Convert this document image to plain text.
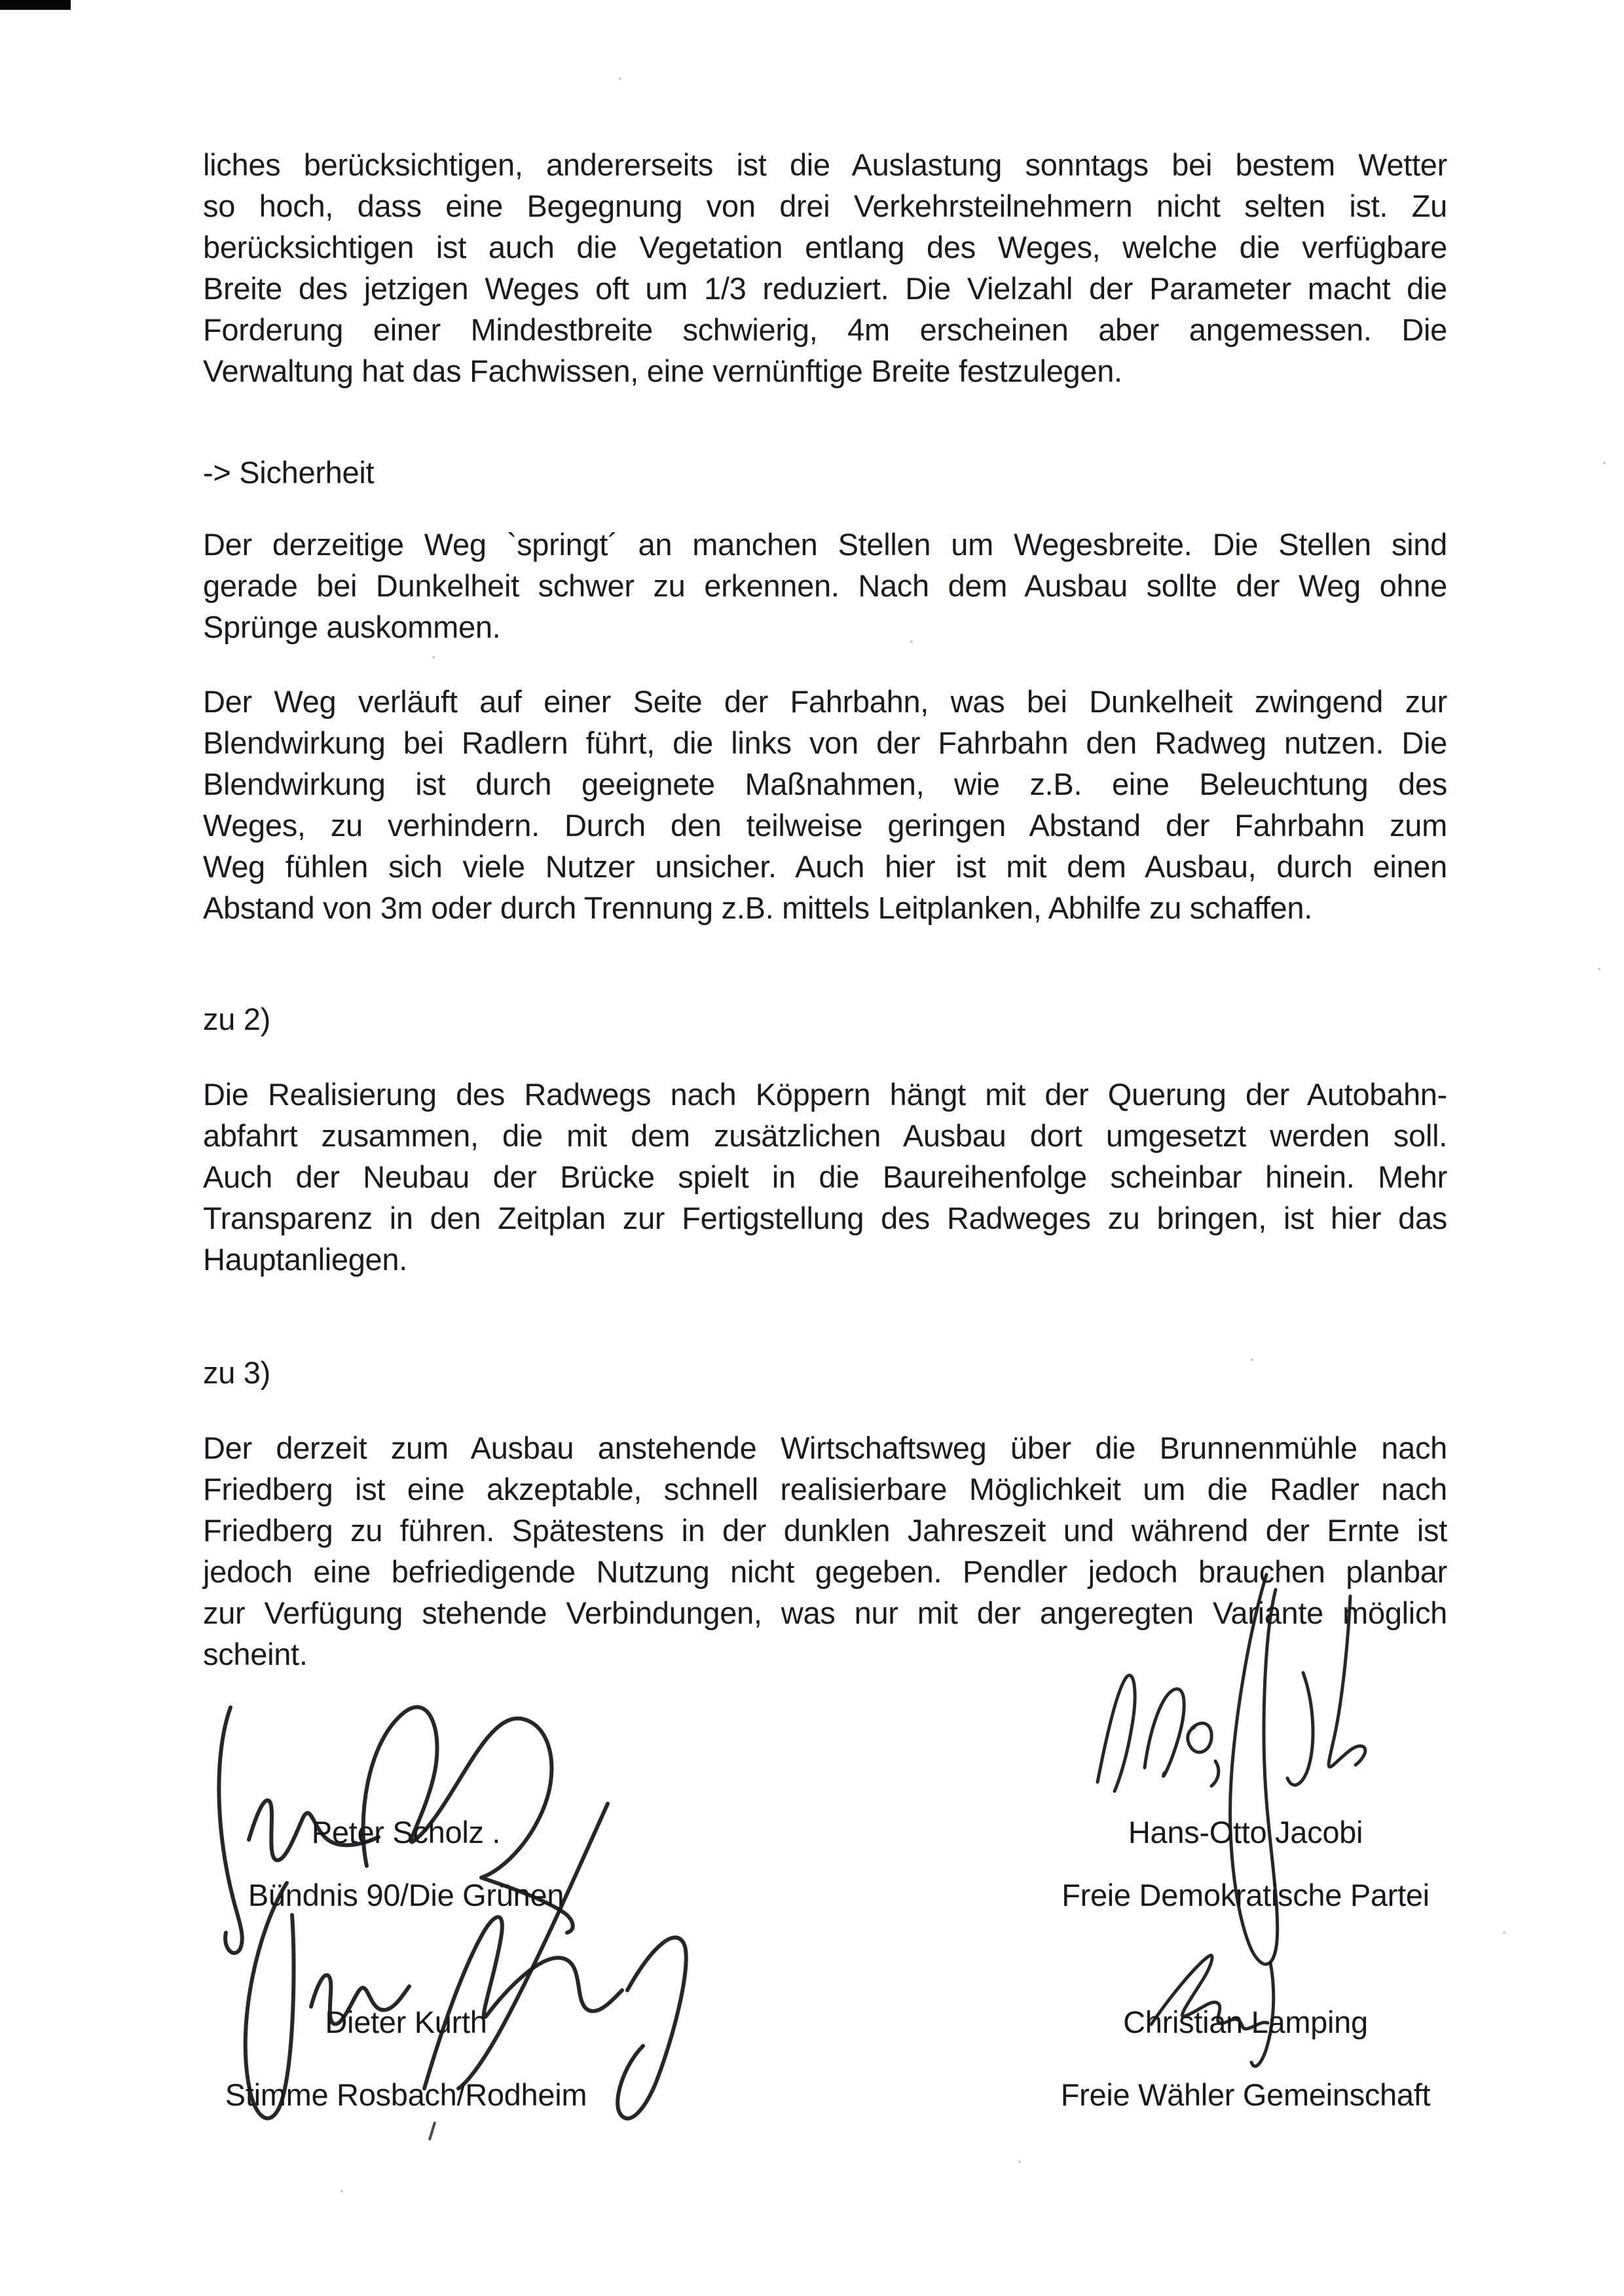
liches berücksichtigen, andererseits ist die Auslastung sonntags bei bestem Wetter
so hoch, dass eine Begegnung von drei Verkehrsteilnehmern nicht selten ist. Zu
berücksichtigen ist auch die Vegetation entlang des Weges, welche die verfügbare
Breite des jetzigen Weges oft um 1/3 reduziert. Die Vielzahl der Parameter macht die
Forderung einer Mindestbreite schwierig, 4m erscheinen aber angemessen. Die
Verwaltung hat das Fachwissen, eine vernünftige Breite festzulegen.
-> Sicherheit
Der derzeitige Weg `springt´ an manchen Stellen um Wegesbreite. Die Stellen sind
gerade bei Dunkelheit schwer zu erkennen. Nach dem Ausbau sollte der Weg ohne
Sprünge auskommen.
Der Weg verläuft auf einer Seite der Fahrbahn, was bei Dunkelheit zwingend zur
Blendwirkung bei Radlern führt, die links von der Fahrbahn den Radweg nutzen. Die
Blendwirkung ist durch geeignete Maßnahmen, wie z.B. eine Beleuchtung des
Weges, zu verhindern. Durch den teilweise geringen Abstand der Fahrbahn zum
Weg fühlen sich viele Nutzer unsicher. Auch hier ist mit dem Ausbau, durch einen
Abstand von 3m oder durch Trennung z.B. mittels Leitplanken, Abhilfe zu schaffen.
zu 2)
Die Realisierung des Radwegs nach Köppern hängt mit der Querung der Autobahn-
abfahrt zusammen, die mit dem zusätzlichen Ausbau dort umgesetzt werden soll.
Auch der Neubau der Brücke spielt in die Baureihenfolge scheinbar hinein. Mehr
Transparenz in den Zeitplan zur Fertigstellung des Radweges zu bringen, ist hier das
Hauptanliegen.
zu 3)
Der derzeit zum Ausbau anstehende Wirtschaftsweg über die Brunnenmühle nach
Friedberg ist eine akzeptable, schnell realisierbare Möglichkeit um die Radler nach
Friedberg zu führen. Spätestens in der dunklen Jahreszeit und während der Ernte ist
jedoch eine befriedigende Nutzung nicht gegeben. Pendler jedoch brauchen planbar
zur Verfügung stehende Verbindungen, was nur mit der angeregten Variante möglich
scheint.
Peter Scholz .
Bündnis 90/Die Grünen
Hans-Otto Jacobi
Freie Demokratische Partei
Dieter Kurth
Stimme Rosbach/Rodheim
Christian Lamping
Freie Wähler Gemeinschaft
